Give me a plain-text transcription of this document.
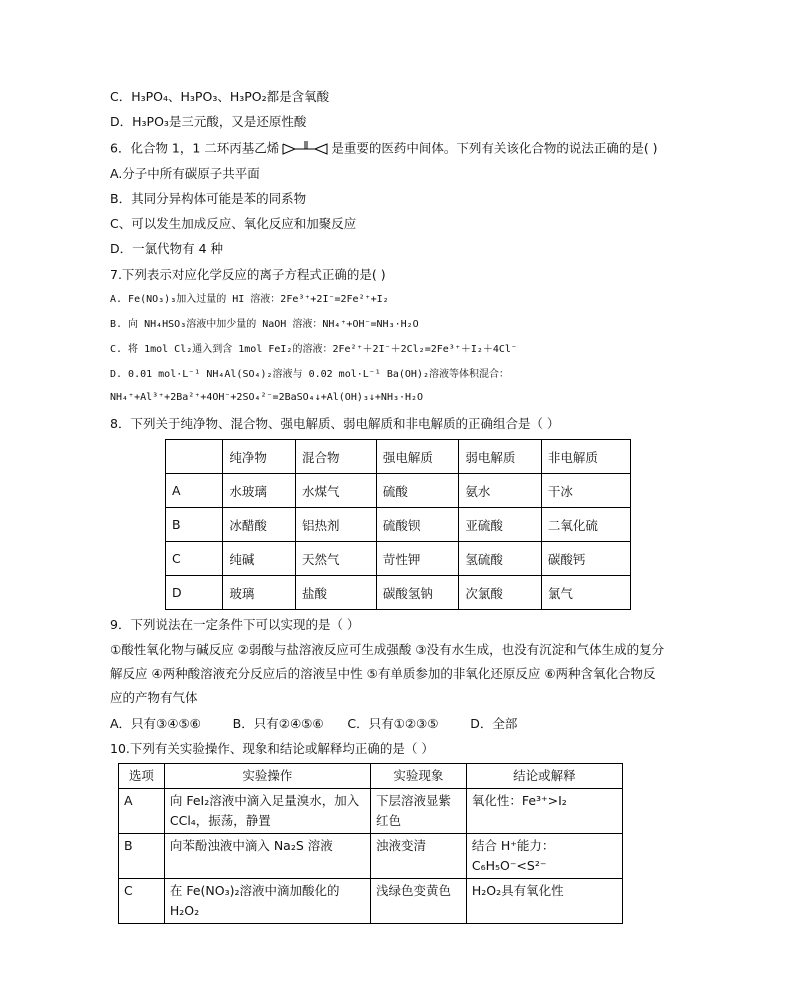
C．H₃PO₄、H₃PO₃、H₃PO₂都是含氧酸
D．H₃PO₃是三元酸，又是还原性酸
6．化合物 1，1 二环丙基乙烯	是重要的医药中间体。下列有关该化合物的说法正确的是( )
A.分子中所有碳原子共平面
B．其同分异构体可能是苯的同系物
C、可以发生加成反应、氧化反应和加聚反应
D．一氯代物有 4 种
7.下列表示对应化学反应的离子方程式正确的是( )
A. Fe(NO₃)₃加入过量的 HI 溶液：2Fe³⁺+2I⁻=2Fe²⁺+I₂
B. 向 NH₄HSO₃溶液中加少量的 NaOH 溶液：NH₄⁺+OH⁻=NH₃·H₂O
C. 将 1mol Cl₂通入到含 1mol FeI₂的溶液：2Fe²⁺＋2I⁻＋2Cl₂=2Fe³⁺＋I₂＋4Cl⁻
D. 0.01 mol·L⁻¹ NH₄Al(SO₄)₂溶液与 0.02 mol·L⁻¹ Ba(OH)₂溶液等体积混合：
NH₄⁺+Al³⁺+2Ba²⁺+4OH⁻+2SO₄²⁻=2BaSO₄↓+Al(OH)₃↓+NH₃·H₂O
8．下列关于纯净物、混合物、强电解质、弱电解质和非电解质的正确组合是（ ）
	纯净物	混合物	强电解质	弱电解质	非电解质
A	水玻璃	水煤气	硫酸	氨水	干冰
B	冰醋酸	铝热剂	硫酸钡	亚硫酸	二氧化硫
C	纯碱	天然气	苛性钾	氢硫酸	碳酸钙
D	玻璃	盐酸	碳酸氢钠	次氯酸	氯气
9．下列说法在一定条件下可以实现的是（ ）
①酸性氧化物与碱反应 ②弱酸与盐溶液反应可生成强酸 ③没有水生成，也没有沉淀和气体生成的复分
解反应 ④两种酸溶液充分反应后的溶液呈中性 ⑤有单质参加的非氧化还原反应 ⑥两种含氧化合物反
应的产物有气体
A．只有③④⑤⑥        B．只有②④⑤⑥      C．只有①②③⑤        D．全部
10.下列有关实验操作、现象和结论或解释均正确的是（ ）
选项	实验操作	实验现象	结论或解释
A	向 FeI₂溶液中滴入足量溴水，加入 CCl₄，振荡，静置	下层溶液显紫红色	氧化性：Fe³⁺>I₂
B	向苯酚浊液中滴入 Na₂S 溶液	浊液变清	结合 H⁺能力：C₆H₅O⁻<S²⁻
C	在 Fe(NO₃)₂溶液中滴加酸化的 H₂O₂	浅绿色变黄色	H₂O₂具有氧化性
